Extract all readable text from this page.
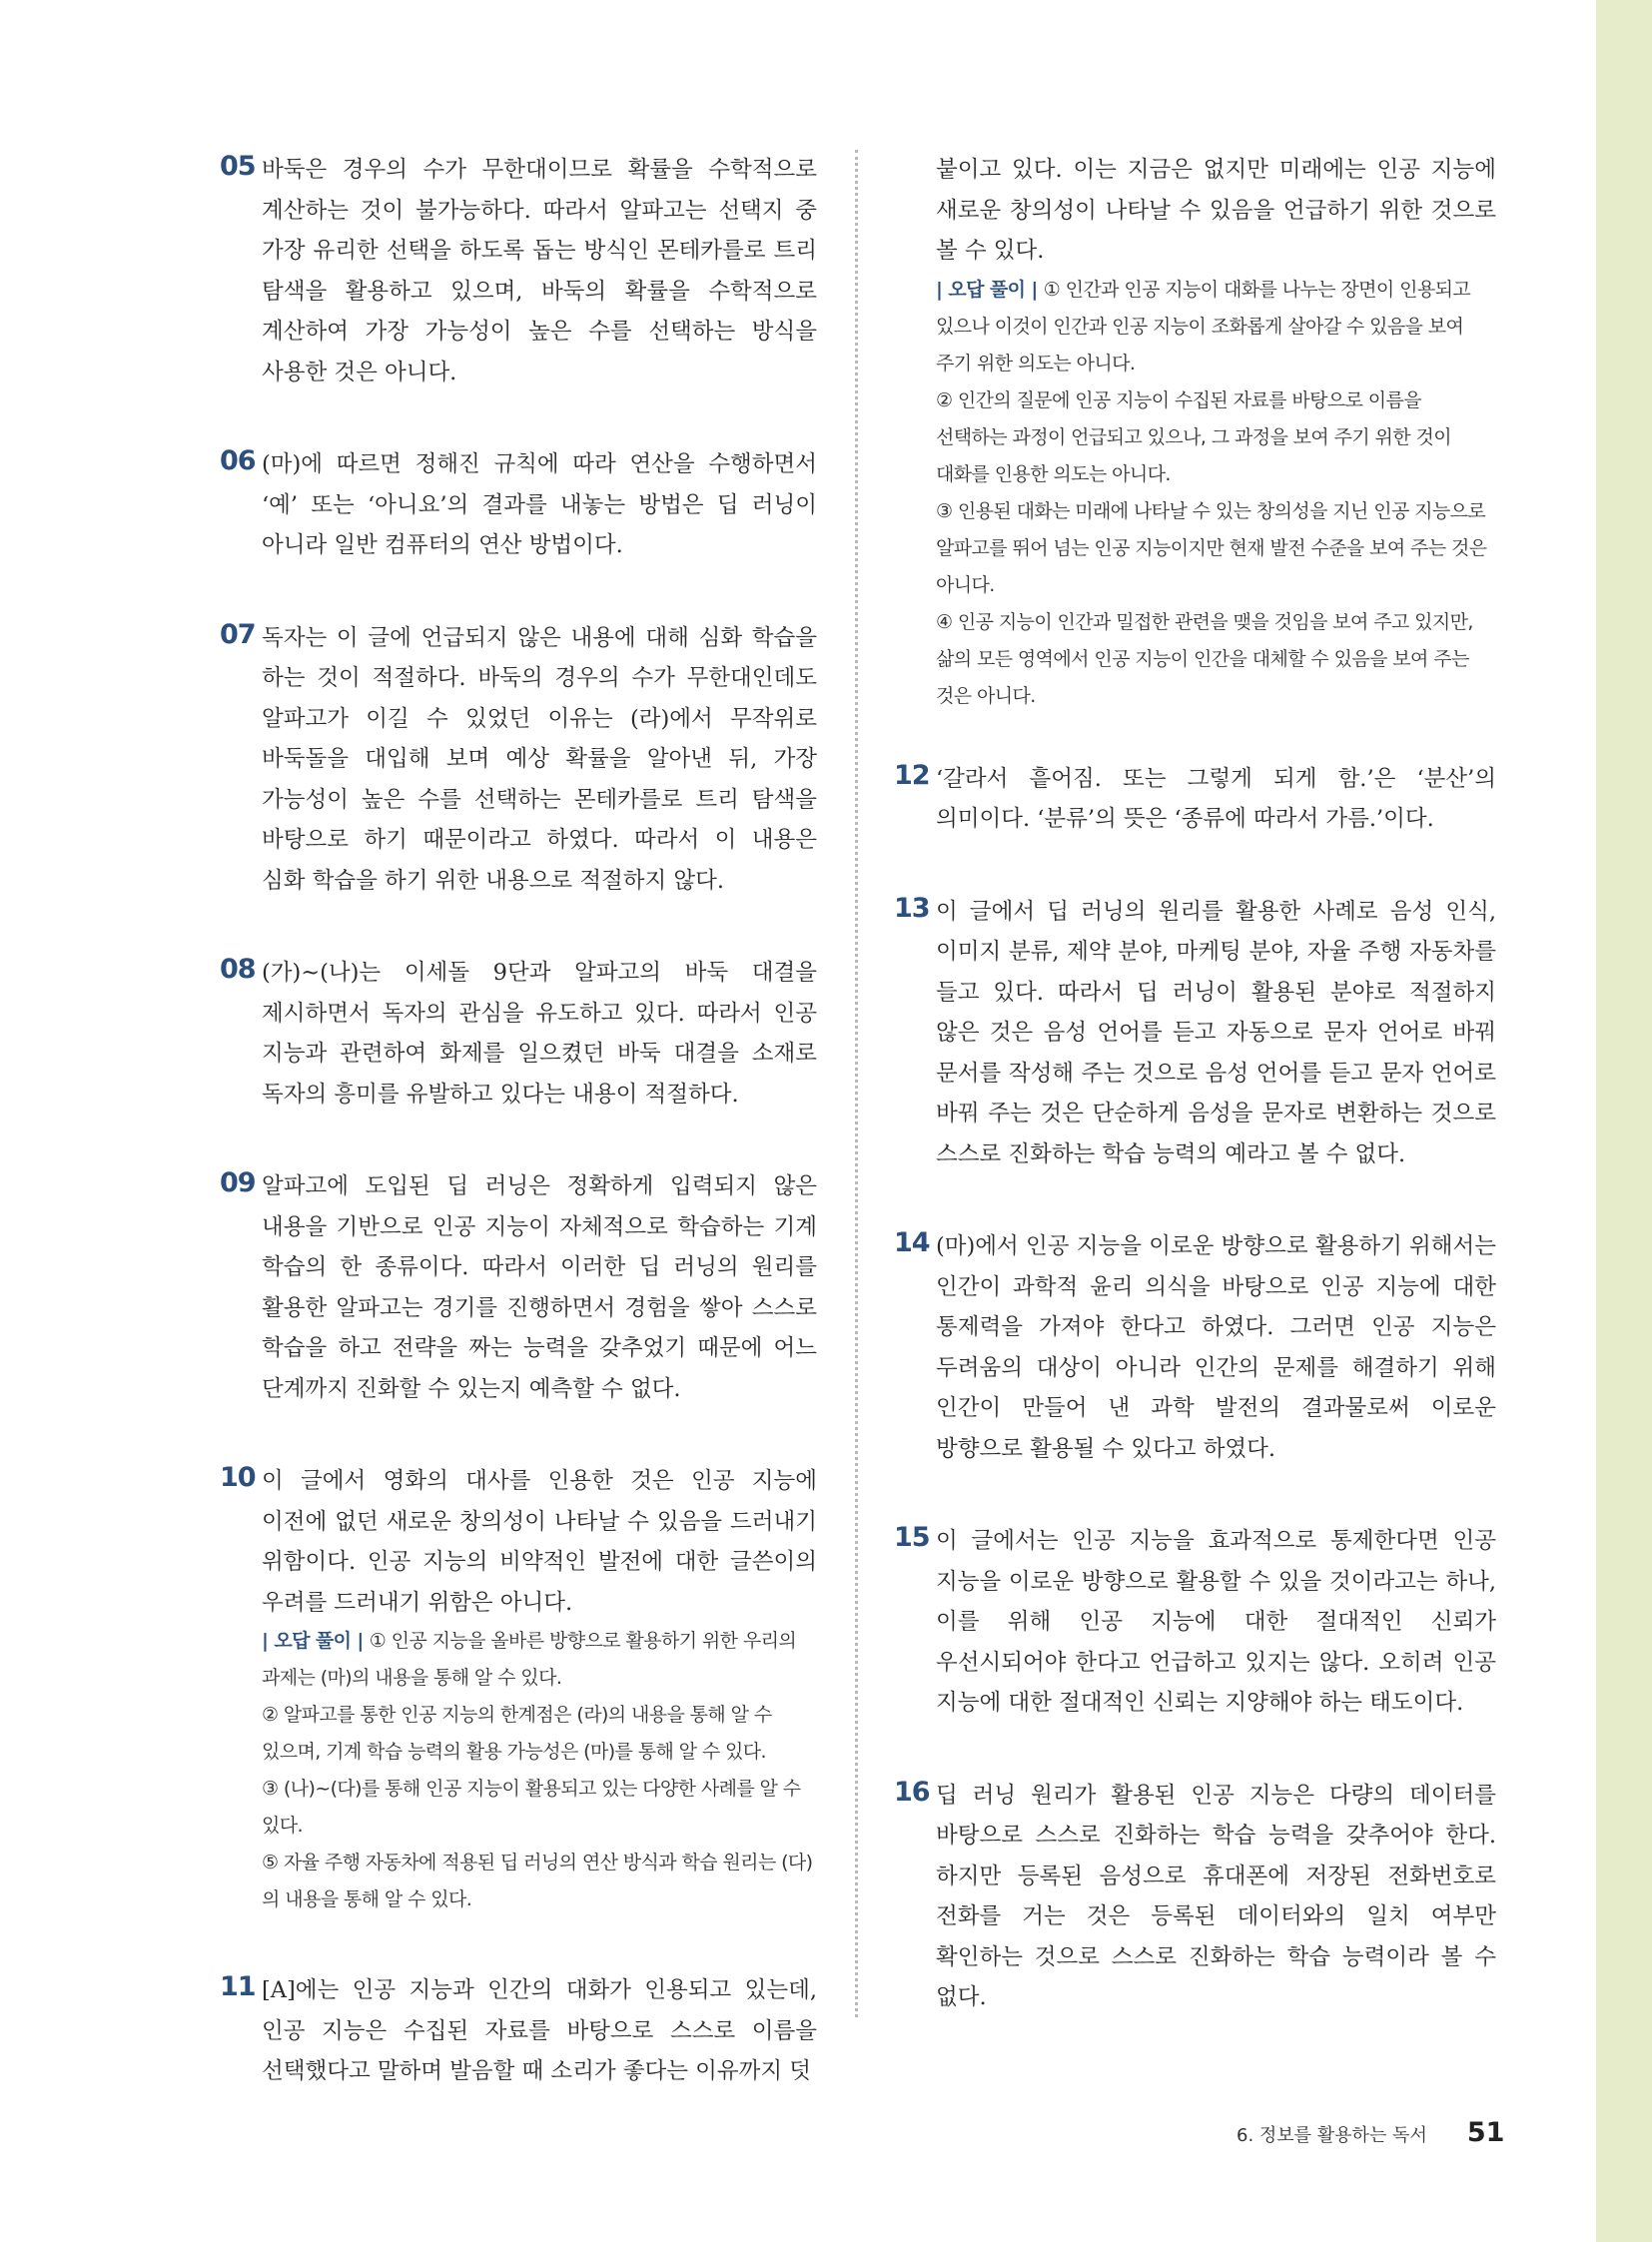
05 바둑은 경우의 수가 무한대이므로 확률을 수학적으로 계산하는 것이 불가능하다. 따라서 알파고는 선택지 중 가장 유리한 선택을 하도록 돕는 방식인 몬테카를로 트리 탐색을 활용하고 있으며, 바둑의 확률을 수학적으로 계산하여 가장 가능성이 높은 수를 선택하는 방식을 사용한 것은 아니다.
06 (마)에 따르면 정해진 규칙에 따라 연산을 수행하면서 ‘예’ 또는 ‘아니요’의 결과를 내놓는 방법은 딥 러닝이 아니라 일반 컴퓨터의 연산 방법이다.
07 독자는 이 글에 언급되지 않은 내용에 대해 심화 학습을 하는 것이 적절하다. 바둑의 경우의 수가 무한대인데도 알파고가 이길 수 있었던 이유는 (라)에서 무작위로 바둑돌을 대입해 보며 예상 확률을 알아낸 뒤, 가장 가능성이 높은 수를 선택하는 몬테카를로 트리 탐색을 바탕으로 하기 때문이라고 하였다. 따라서 이 내용은 심화 학습을 하기 위한 내용으로 적절하지 않다.
08 (가)~(나)는 이세돌 9단과 알파고의 바둑 대결을 제시하면서 독자의 관심을 유도하고 있다. 따라서 인공 지능과 관련하여 화제를 일으켰던 바둑 대결을 소재로 독자의 흥미를 유발하고 있다는 내용이 적절하다.
09 알파고에 도입된 딥 러닝은 정확하게 입력되지 않은 내용을 기반으로 인공 지능이 자체적으로 학습하는 기계 학습의 한 종류이다. 따라서 이러한 딥 러닝의 원리를 활용한 알파고는 경기를 진행하면서 경험을 쌓아 스스로 학습을 하고 전략을 짜는 능력을 갖추었기 때문에 어느 단계까지 진화할 수 있는지 예측할 수 없다.
10 이 글에서 영화의 대사를 인용한 것은 인공 지능에 이전에 없던 새로운 창의성이 나타날 수 있음을 드러내기 위함이다. 인공 지능의 비약적인 발전에 대한 글쓴이의 우려를 드러내기 위함은 아니다.
| 오답 풀이 | ① 인공 지능을 올바른 방향으로 활용하기 위한 우리의 과제는 (마)의 내용을 통해 알 수 있다.
② 알파고를 통한 인공 지능의 한계점은 (라)의 내용을 통해 알 수 있으며, 기계 학습 능력의 활용 가능성은 (마)를 통해 알 수 있다.
③ (나)~(다)를 통해 인공 지능이 활용되고 있는 다양한 사례를 알 수 있다.
⑤ 자율 주행 자동차에 적용된 딥 러닝의 연산 방식과 학습 원리는 (다)의 내용을 통해 알 수 있다.
11 [A]에는 인공 지능과 인간의 대화가 인용되고 있는데, 인공 지능은 수집된 자료를 바탕으로 스스로 이름을 선택했다고 말하며 발음할 때 소리가 좋다는 이유까지 덧
붙이고 있다. 이는 지금은 없지만 미래에는 인공 지능에 새로운 창의성이 나타날 수 있음을 언급하기 위한 것으로 볼 수 있다.
| 오답 풀이 | ① 인간과 인공 지능이 대화를 나누는 장면이 인용되고 있으나 이것이 인간과 인공 지능이 조화롭게 살아갈 수 있음을 보여 주기 위한 의도는 아니다.
② 인간의 질문에 인공 지능이 수집된 자료를 바탕으로 이름을 선택하는 과정이 언급되고 있으나, 그 과정을 보여 주기 위한 것이 대화를 인용한 의도는 아니다.
③ 인용된 대화는 미래에 나타날 수 있는 창의성을 지닌 인공 지능으로 알파고를 뛰어 넘는 인공 지능이지만 현재 발전 수준을 보여 주는 것은 아니다.
④ 인공 지능이 인간과 밀접한 관련을 맺을 것임을 보여 주고 있지만, 삶의 모든 영역에서 인공 지능이 인간을 대체할 수 있음을 보여 주는 것은 아니다.
12 ‘갈라서 흩어짐. 또는 그렇게 되게 함.’은 ‘분산’의 의미이다. ‘분류’의 뜻은 ‘종류에 따라서 가름.’이다.
13 이 글에서 딥 러닝의 원리를 활용한 사례로 음성 인식, 이미지 분류, 제약 분야, 마케팅 분야, 자율 주행 자동차를 들고 있다. 따라서 딥 러닝이 활용된 분야로 적절하지 않은 것은 음성 언어를 듣고 자동으로 문자 언어로 바꿔 문서를 작성해 주는 것으로 음성 언어를 듣고 문자 언어로 바꿔 주는 것은 단순하게 음성을 문자로 변환하는 것으로 스스로 진화하는 학습 능력의 예라고 볼 수 없다.
14 (마)에서 인공 지능을 이로운 방향으로 활용하기 위해서는 인간이 과학적 윤리 의식을 바탕으로 인공 지능에 대한 통제력을 가져야 한다고 하였다. 그러면 인공 지능은 두려움의 대상이 아니라 인간의 문제를 해결하기 위해 인간이 만들어 낸 과학 발전의 결과물로써 이로운 방향으로 활용될 수 있다고 하였다.
15 이 글에서는 인공 지능을 효과적으로 통제한다면 인공 지능을 이로운 방향으로 활용할 수 있을 것이라고는 하나, 이를 위해 인공 지능에 대한 절대적인 신뢰가 우선시되어야 한다고 언급하고 있지는 않다. 오히려 인공 지능에 대한 절대적인 신뢰는 지양해야 하는 태도이다.
16 딥 러닝 원리가 활용된 인공 지능은 다량의 데이터를 바탕으로 스스로 진화하는 학습 능력을 갖추어야 한다. 하지만 등록된 음성으로 휴대폰에 저장된 전화번호로 전화를 거는 것은 등록된 데이터와의 일치 여부만 확인하는 것으로 스스로 진화하는 학습 능력이라 볼 수 없다.
6. 정보를 활용하는 독서 51
